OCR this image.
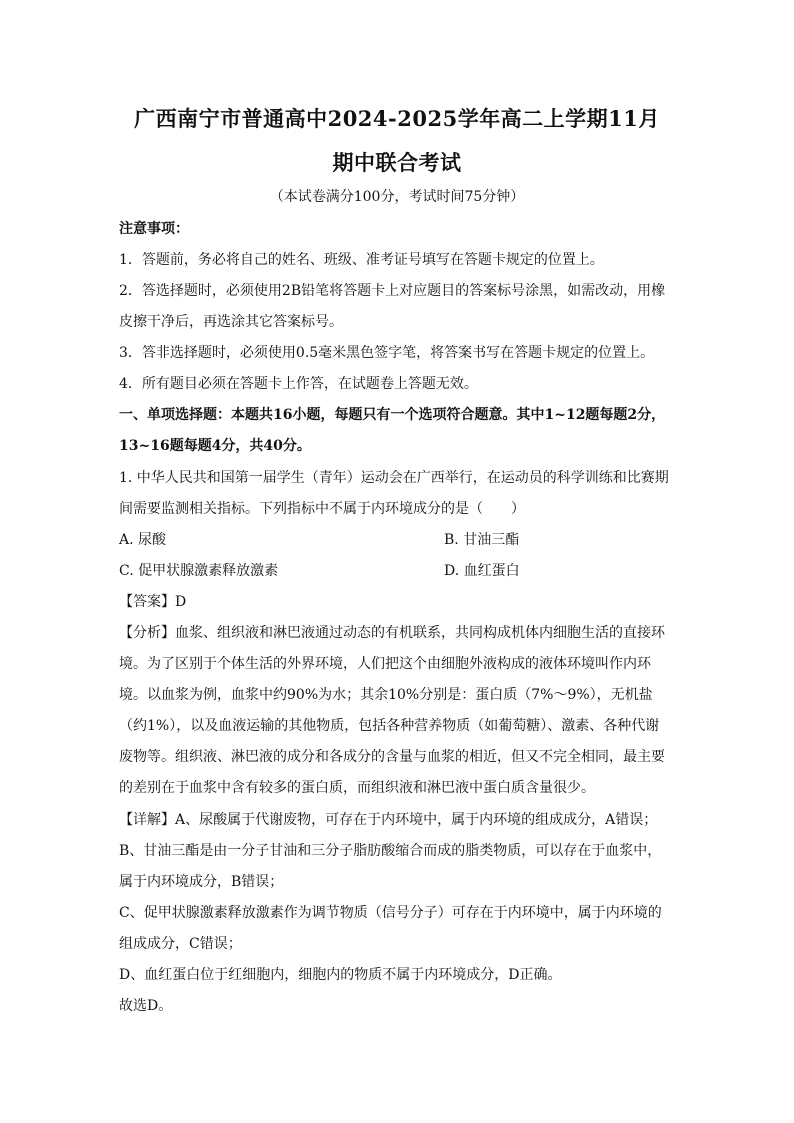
广西南宁市普通高中2024-2025学年高二上学期11月
期中联合考试
（本试卷满分100分，考试时间75分钟）
注意事项：
1．答题前，务必将自己的姓名、班级、准考证号填写在答题卡规定的位置上。
2．答选择题时，必须使用2B铅笔将答题卡上对应题目的答案标号涂黑，如需改动，用橡
皮擦干净后，再选涂其它答案标号。
3．答非选择题时，必须使用0.5毫米黑色签字笔，将答案书写在答题卡规定的位置上。
4．所有题目必须在答题卡上作答，在试题卷上答题无效。
一、单项选择题：本题共16小题，每题只有一个选项符合题意。其中1~12题每题2分，
13~16题每题4分，共40分。
1. 中华人民共和国第一届学生（青年）运动会在广西举行，在运动员的科学训练和比赛期
间需要监测相关指标。下列指标中不属于内环境成分的是（　　）
A. 尿酸	B. 甘油三酯
C. 促甲状腺激素释放激素	D. 血红蛋白
【答案】D
【分析】血浆、组织液和淋巴液通过动态的有机联系，共同构成机体内细胞生活的直接环
境。为了区别于个体生活的外界环境，人们把这个由细胞外液构成的液体环境叫作内环
境。以血浆为例，血浆中约90%为水；其余10%分别是：蛋白质（7%～9%），无机盐
（约1%），以及血液运输的其他物质，包括各种营养物质（如葡萄糖）、激素、各种代谢
废物等。组织液、淋巴液的成分和各成分的含量与血浆的相近，但又不完全相同，最主要
的差别在于血浆中含有较多的蛋白质，而组织液和淋巴液中蛋白质含量很少。
【详解】A、尿酸属于代谢废物，可存在于内环境中，属于内环境的组成成分，A错误；
B、甘油三酯是由一分子甘油和三分子脂肪酸缩合而成的脂类物质，可以存在于血浆中，
属于内环境成分，B错误；
C、促甲状腺激素释放激素作为调节物质（信号分子）可存在于内环境中，属于内环境的
组成成分，C错误；
D、血红蛋白位于红细胞内，细胞内的物质不属于内环境成分，D正确。
故选D。
